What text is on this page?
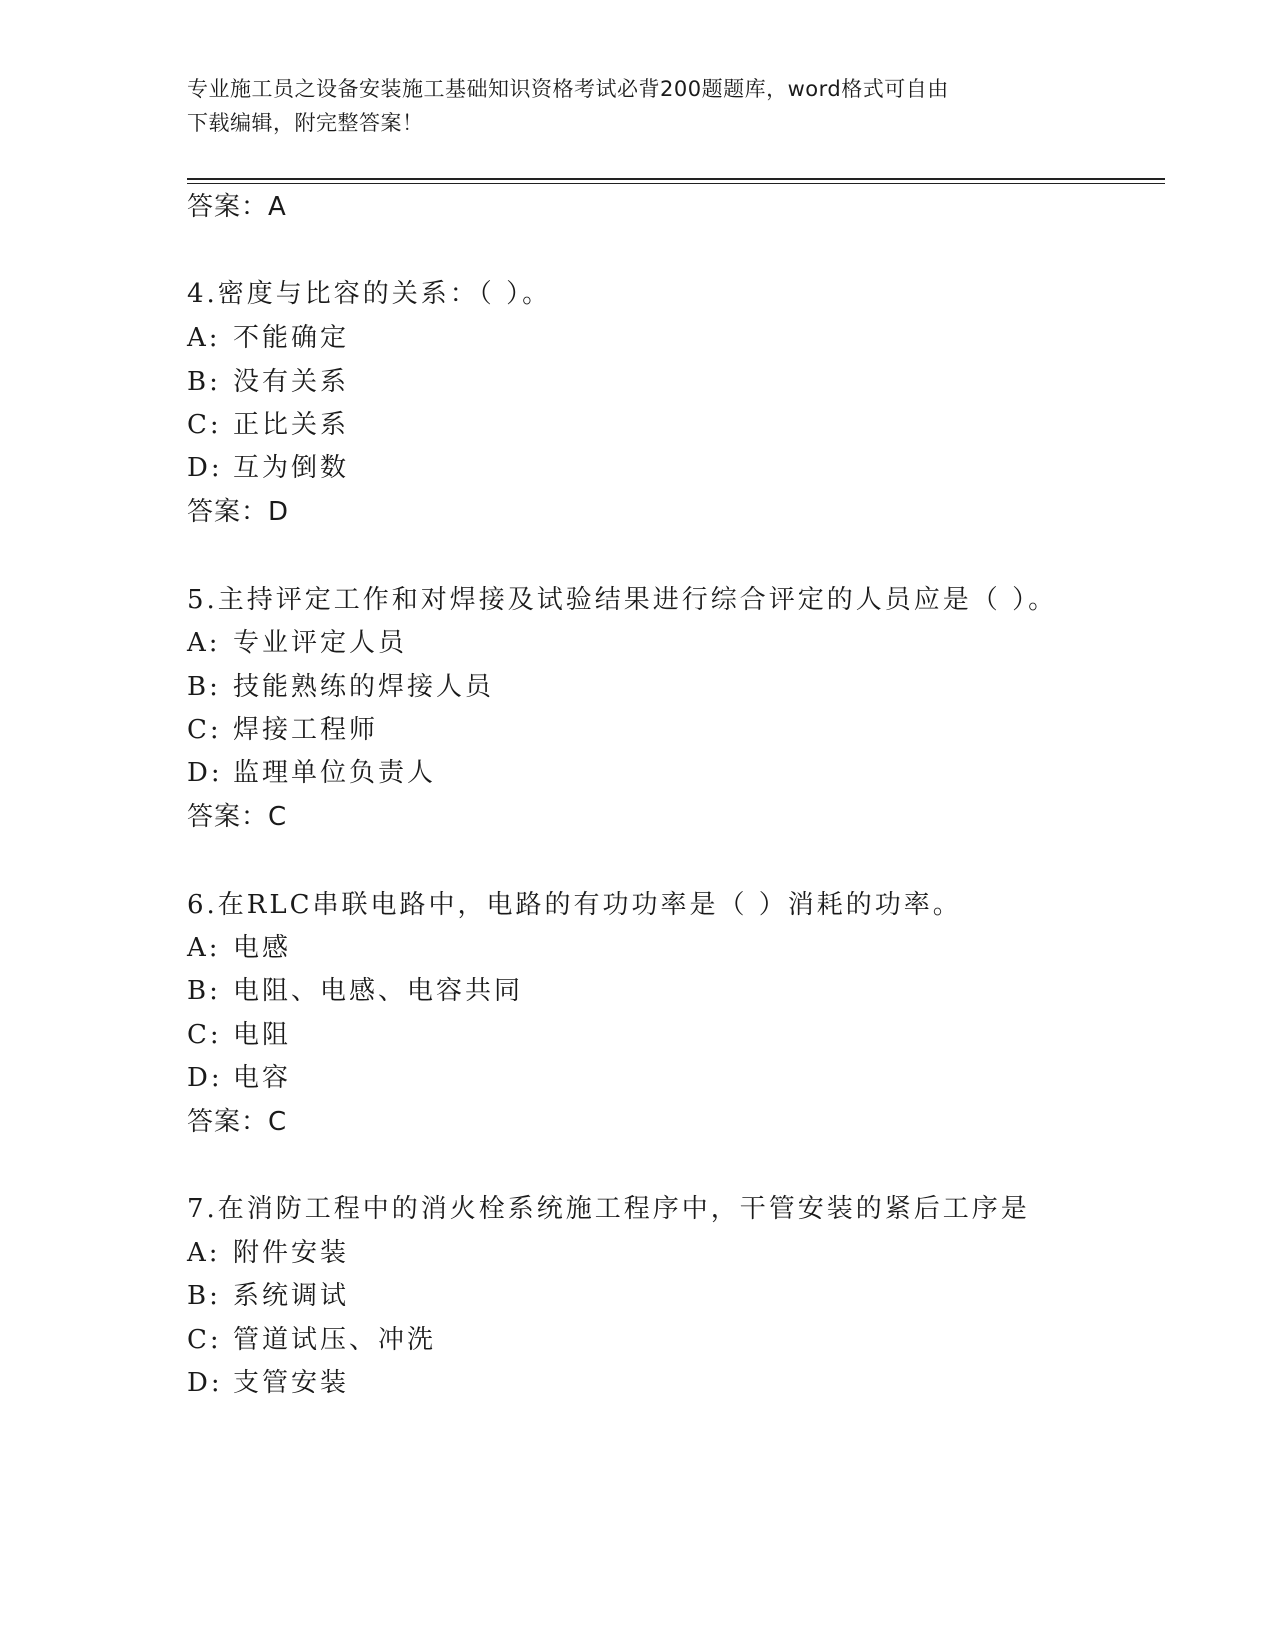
专业施工员之设备安装施工基础知识资格考试必背200题题库，word格式可自由
下载编辑，附完整答案！
答案：A
4.密度与比容的关系：（ ）。
A: 不能确定
B: 没有关系
C: 正比关系
D: 互为倒数
答案：D
5.主持评定工作和对焊接及试验结果进行综合评定的人员应是（ ）。
A: 专业评定人员
B: 技能熟练的焊接人员
C: 焊接工程师
D: 监理单位负责人
答案：C
6.在RLC串联电路中，电路的有功功率是（ ）消耗的功率。
A: 电感
B: 电阻、电感、电容共同
C: 电阻
D: 电容
答案：C
7.在消防工程中的消火栓系统施工程序中，干管安装的紧后工序是
A: 附件安装
B: 系统调试
C: 管道试压、冲洗
D: 支管安装
